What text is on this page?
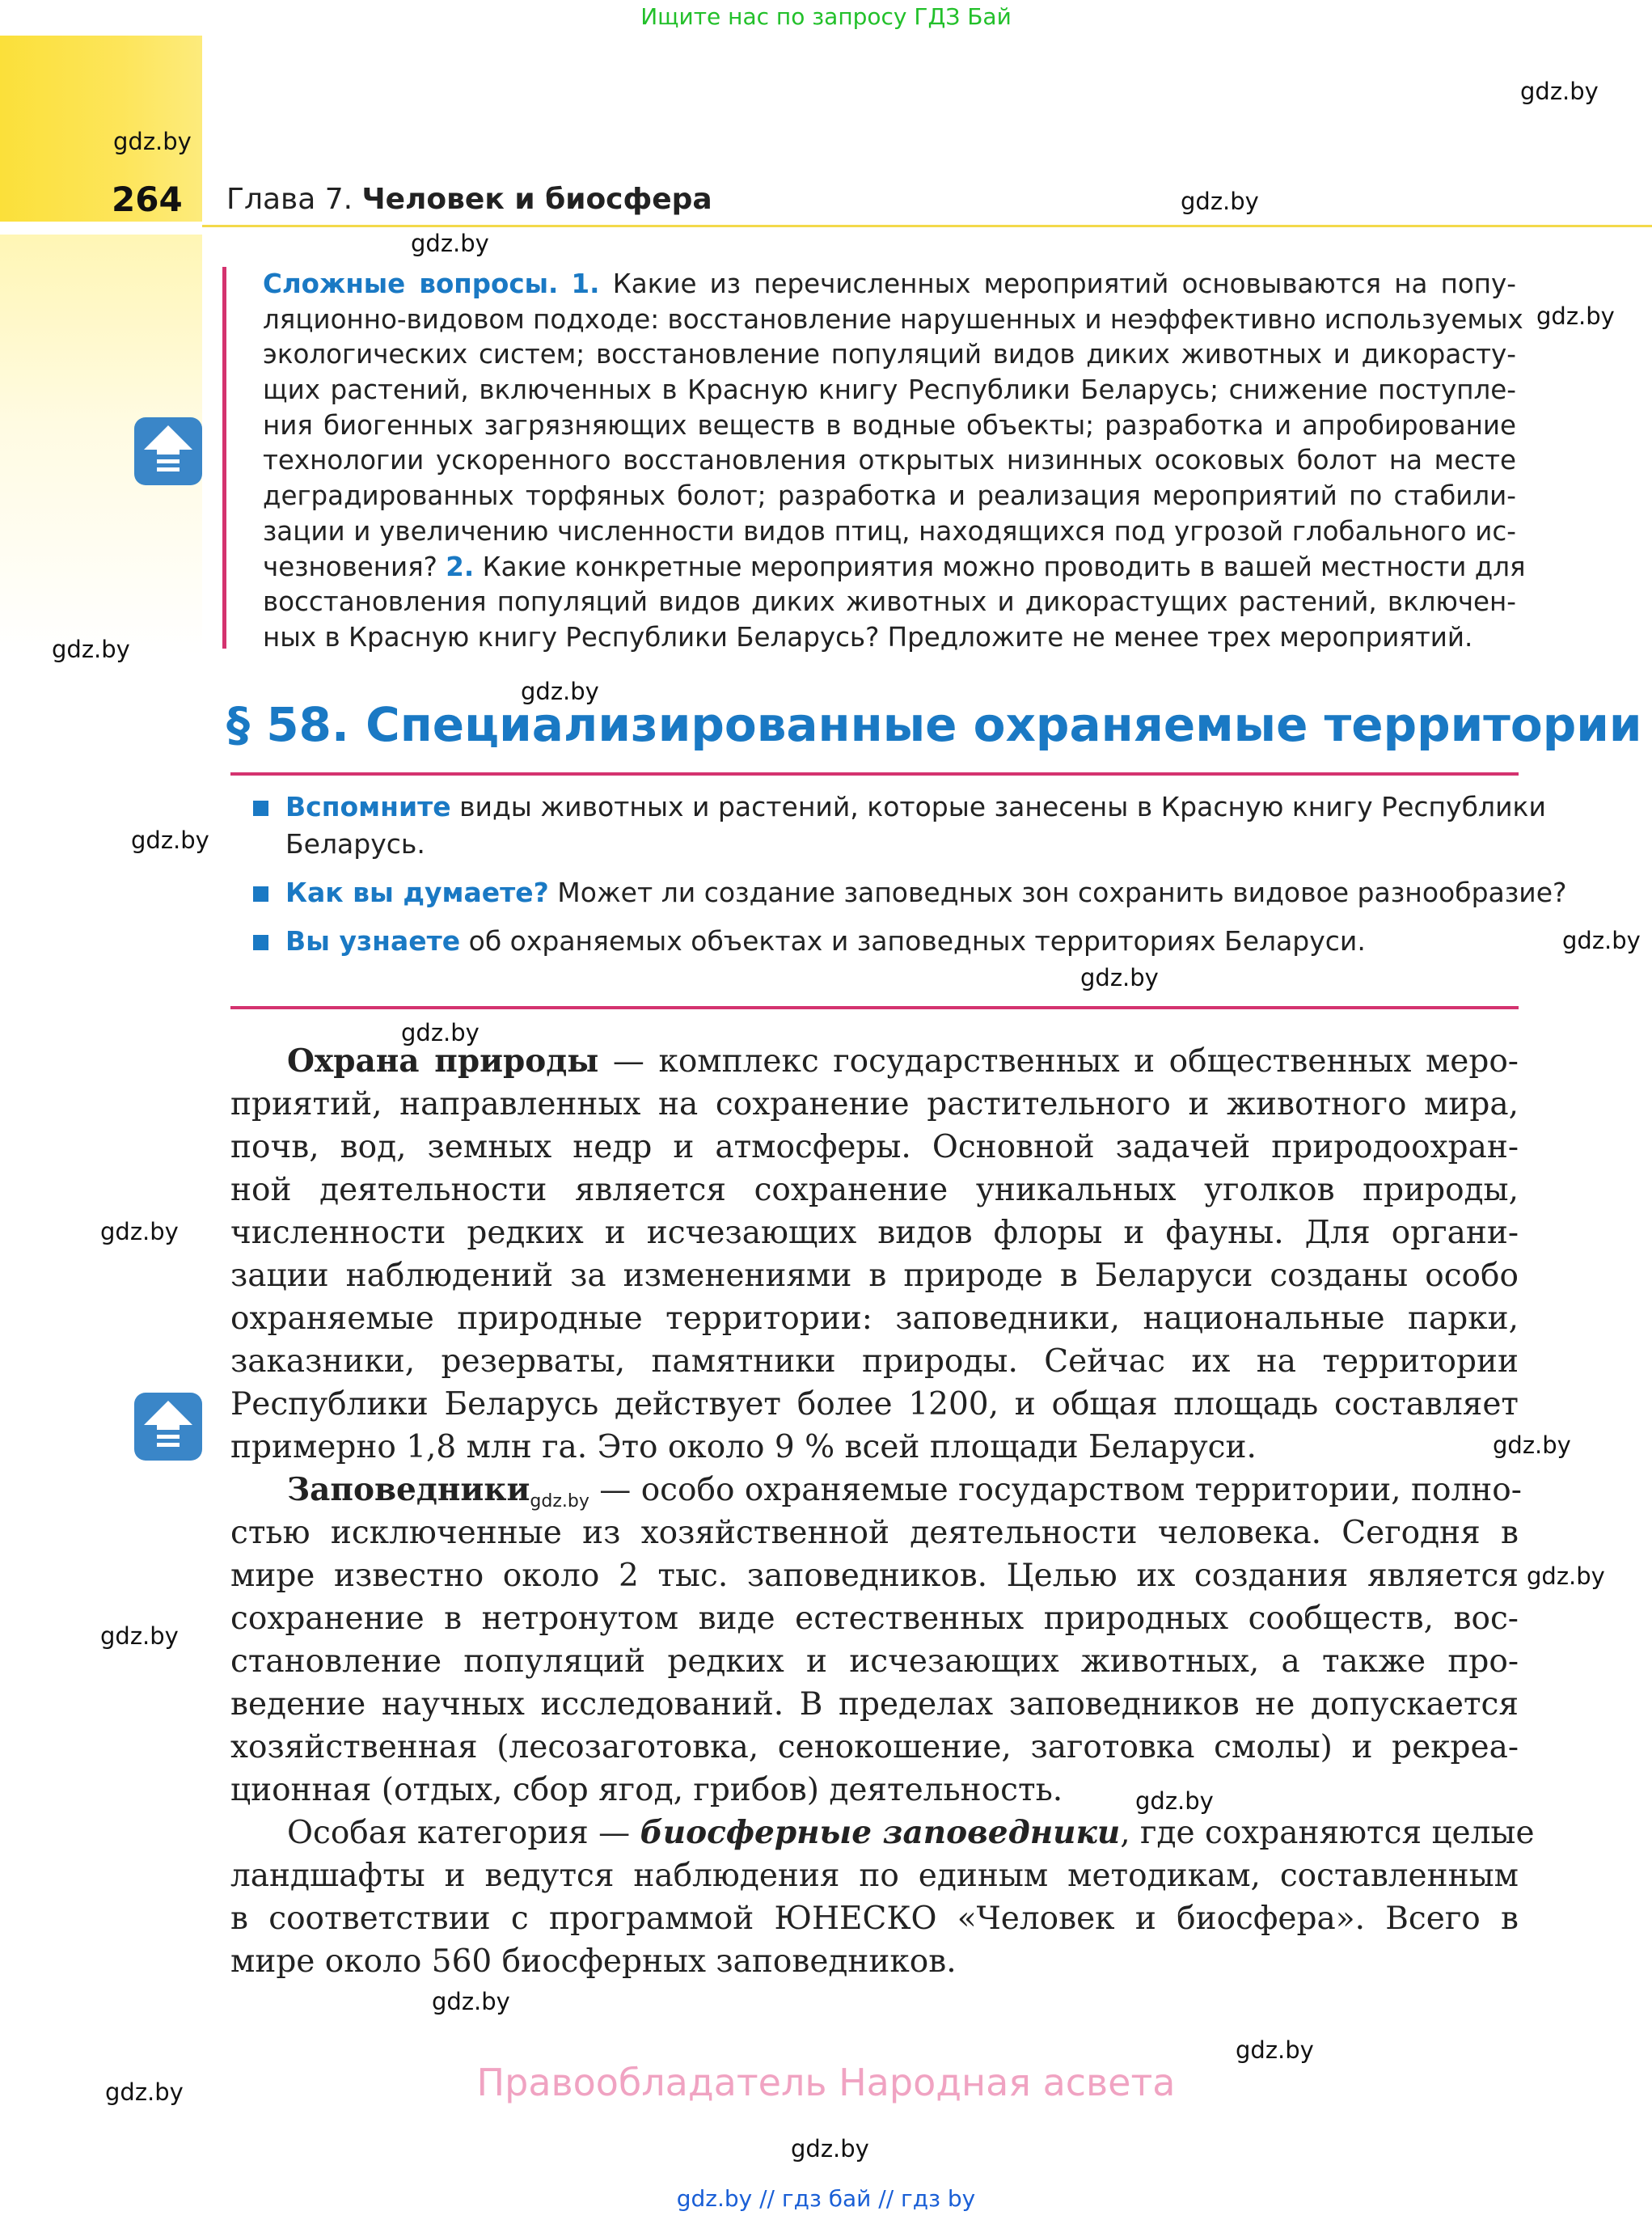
Ищите нас по запросу ГДЗ Бай
264 Глава 7. Человек и биосфера
gdz.by
gdz.by
gdz.by
gdz.by
gdz.by
gdz.by
gdz.by
gdz.by
gdz.by
gdz.by
gdz.by
gdz.by
gdz.by
gdz.by
gdz.by
gdz.by
gdz.by
gdz.by
gdz.by
gdz.by
Сложные вопросы. 1. Какие из перечисленных мероприятий основываются на попу-
ляционно-видовом подходе: восстановление нарушенных и неэффективно используемых
экологических систем; восстановление популяций видов диких животных и дикорасту-
щих растений, включенных в Красную книгу Республики Беларусь; снижение поступле-
ния биогенных загрязняющих веществ в водные объекты; разработка и апробирование
технологии ускоренного восстановления открытых низинных осоковых болот на месте
деградированных торфяных болот; разработка и реализация мероприятий по стабили-
зации и увеличению численности видов птиц, находящихся под угрозой глобального ис-
чезновения? 2. Какие конкретные мероприятия можно проводить в вашей местности для
восстановления популяций видов диких животных и дикорастущих растений, включен-
ных в Красную книгу Республики Беларусь? Предложите не менее трех мероприятий.
§ 58. Специализированные охраняемые территории
Вспомните виды животных и растений, которые занесены в Красную книгу Республики
Беларусь.
Как вы думаете? Может ли создание заповедных зон сохранить видовое разнообразие?
Вы узнаете об охраняемых объектах и заповедных территориях Беларуси.
Охрана природы — комплекс государственных и общественных меро-
приятий, направленных на сохранение растительного и животного мира,
почв, вод, земных недр и атмосферы. Основной задачей природоохран-
ной деятельности является сохранение уникальных уголков природы,
численности редких и исчезающих видов флоры и фауны. Для органи-
зации наблюдений за изменениями в природе в Беларуси созданы особо
охраняемые природные территории: заповедники, национальные парки,
заказники, резерваты, памятники природы. Сейчас их на территории
Республики Беларусь действует более 1200, и общая площадь составляет
примерно 1,8 млн га. Это около 9 % всей площади Беларуси.
Заповедники$_{gdz.by}$ — особо охраняемые государством территории, полно-
стью исключенные из хозяйственной деятельности человека. Сегодня в
мире известно около 2 тыс. заповедников. Целью их создания является
сохранение в нетронутом виде естественных природных сообществ, вос-
становление популяций редких и исчезающих животных, а также про-
ведение научных исследований. В пределах заповедников не допускается
хозяйственная (лесозаготовка, сенокошение, заготовка смолы) и рекреа-
ционная (отдых, сбор ягод, грибов) деятельность.
Особая категория — биосферные заповедники, где сохраняются целые
ландшафты и ведутся наблюдения по единым методикам, составленным
в соответствии с программой ЮНЕСКО «Человек и биосфера». Всего в
мире около 560 биосферных заповедников.
Правообладатель Народная асвета
gdz.by // гдз бай // гдз by
